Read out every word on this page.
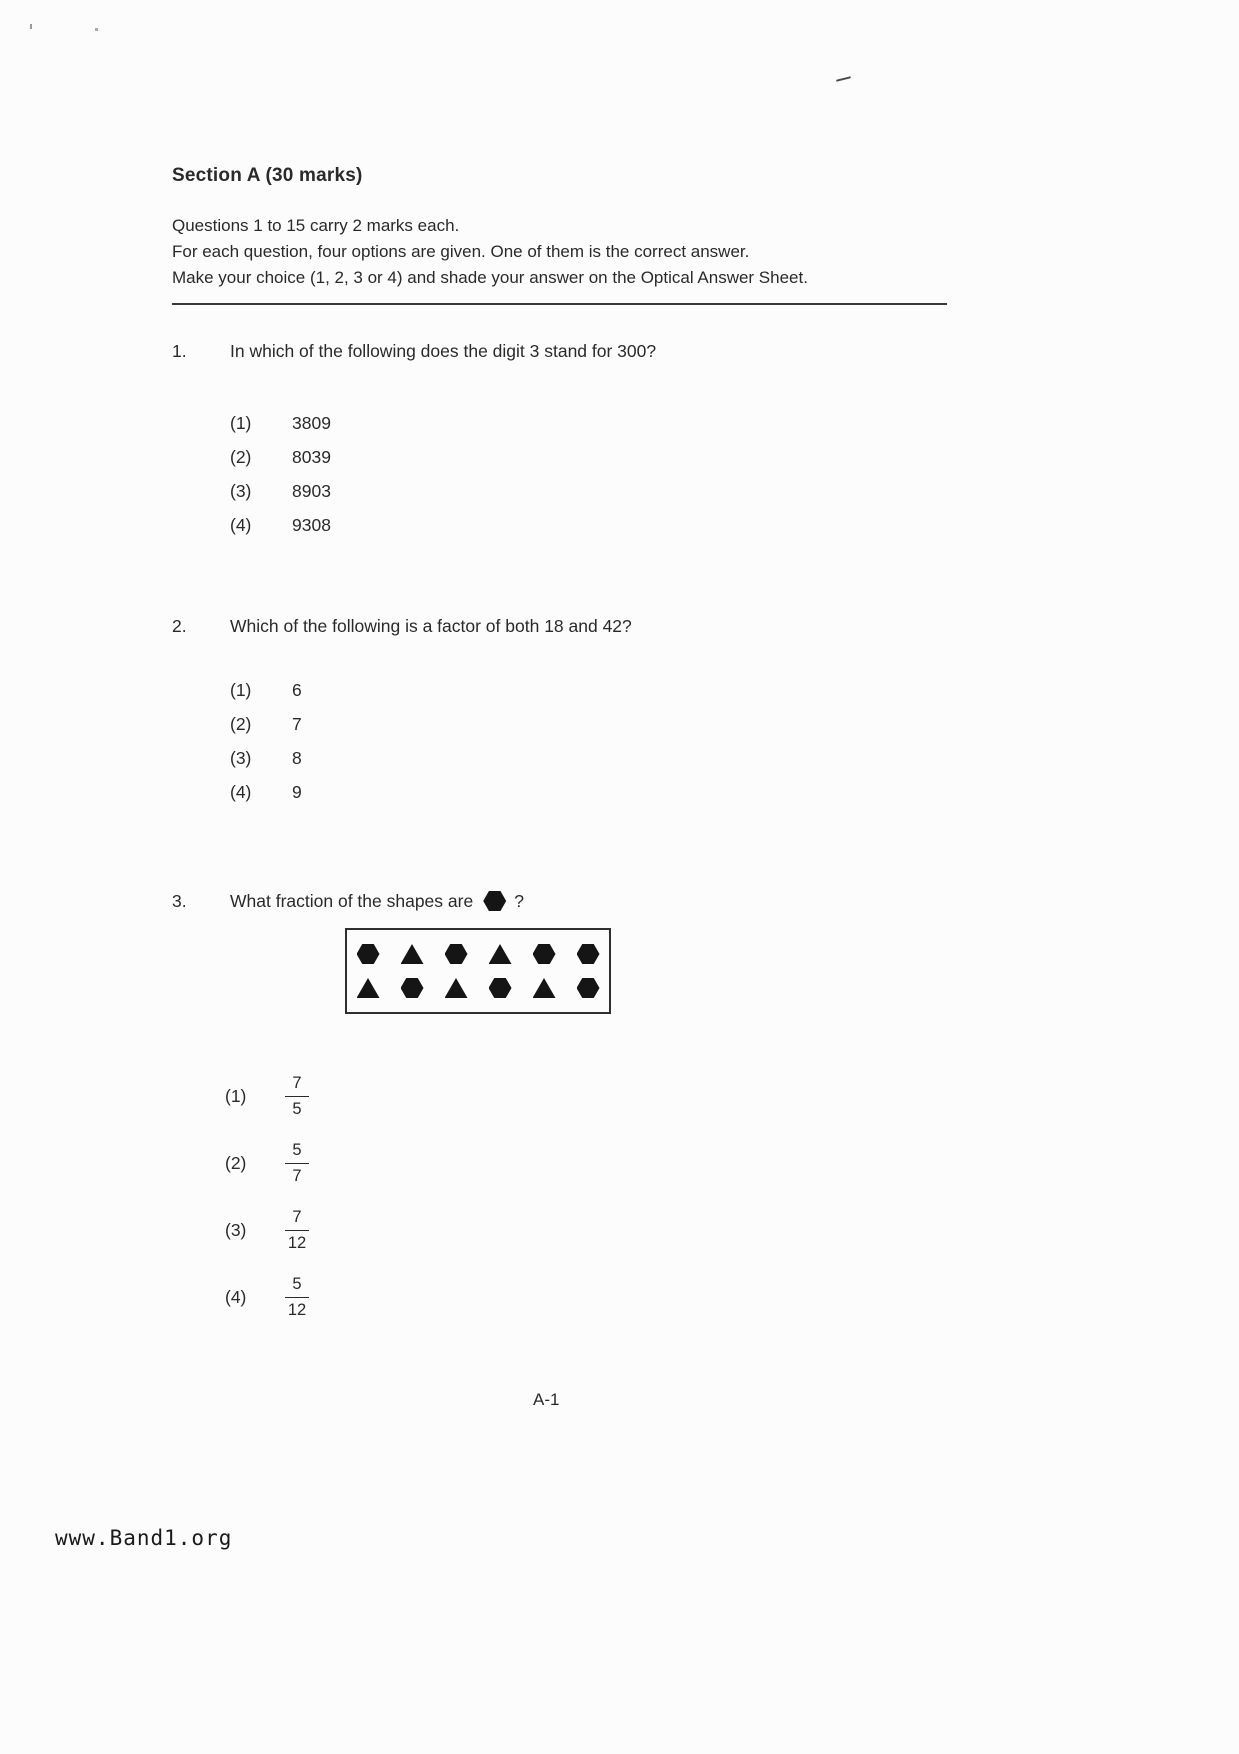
Section A (30 marks)

Questions 1 to 15 carry 2 marks each.

For each question, four options are given. One of them is the correct answer.

Make your choice (1, 2, 3 or 4) and shade your answer on the Optical Answer Sheet.

1.	In which of the following does the digit 3 stand for 300?
(1)	3809
(2)	8039
(3)	8903
(4)	9308
2.	Which of the following is a factor of both 18 and 42?
(1)	6
(2)	7
(3)	8
(4)	9
3.	What fraction of the shapes are ?
(1)	$\frac{7}{5}$
(2)	$\frac{5}{7}$
(3)	$\frac{7}{12}$
(4)	$\frac{5}{12}$
A-1
www.Band1.org
